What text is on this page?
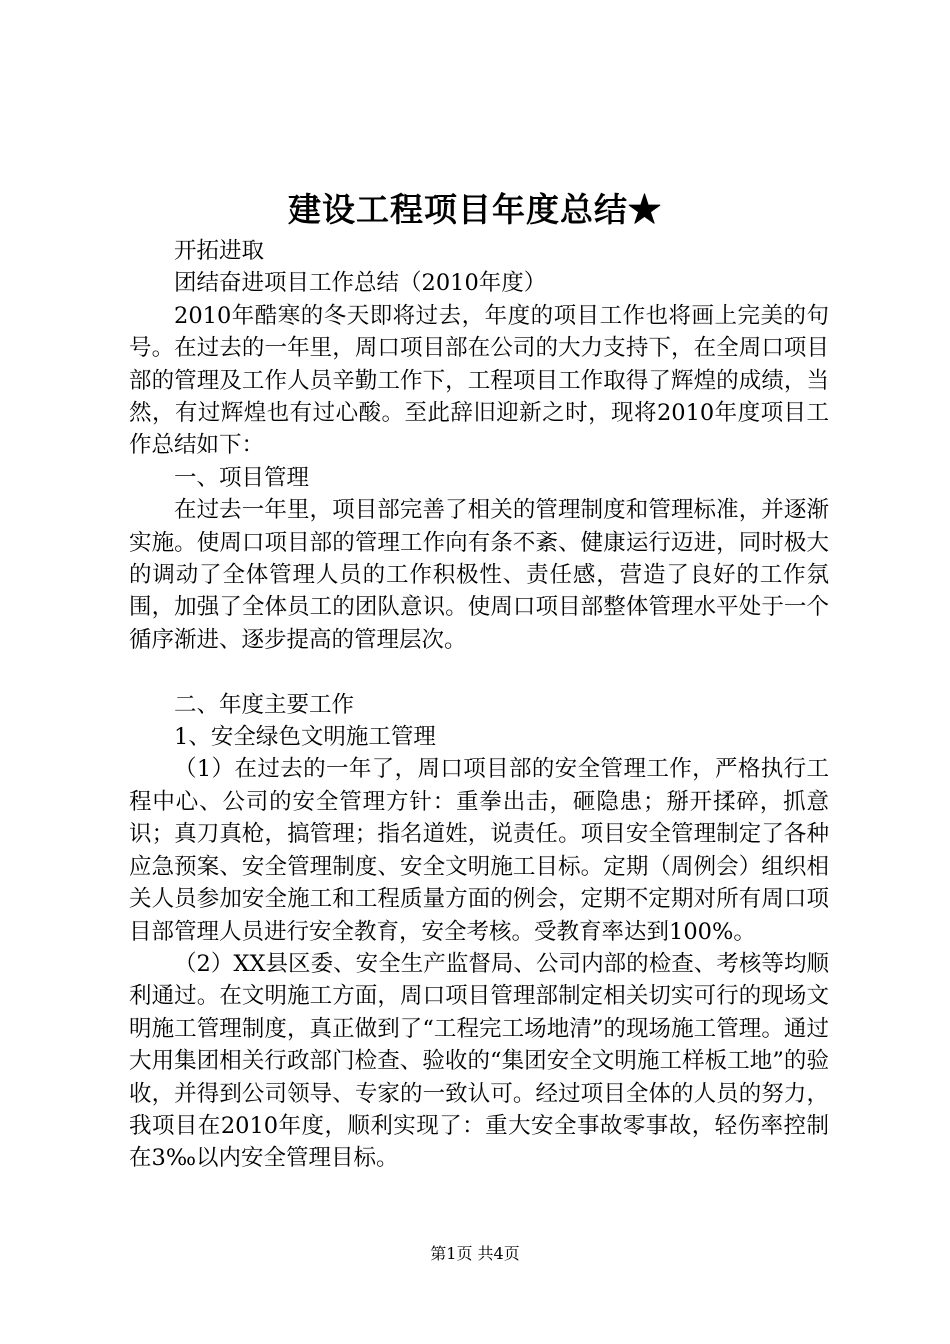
建设工程项目年度总结★

开拓进取

团结奋进项目工作总结（2010年度）

2010年酷寒的冬天即将过去，年度的项目工作也将画上完美的句号。在过去的一年里，周口项目部在公司的大力支持下，在全周口项目部的管理及工作人员辛勤工作下，工程项目工作取得了辉煌的成绩，当然，有过辉煌也有过心酸。至此辞旧迎新之时，现将2010年度项目工作总结如下：

一、项目管理

在过去一年里，项目部完善了相关的管理制度和管理标准，并逐渐实施。使周口项目部的管理工作向有条不紊、健康运行迈进，同时极大的调动了全体管理人员的工作积极性、责任感，营造了良好的工作氛围，加强了全体员工的团队意识。使周口项目部整体管理水平处于一个循序渐进、逐步提高的管理层次。

二、年度主要工作

1、安全绿色文明施工管理

（1）在过去的一年了，周口项目部的安全管理工作，严格执行工程中心、公司的安全管理方针：重拳出击，砸隐患；掰开揉碎，抓意识；真刀真枪，搞管理；指名道姓，说责任。项目安全管理制定了各种应急预案、安全管理制度、安全文明施工目标。定期（周例会）组织相关人员参加安全施工和工程质量方面的例会，定期不定期对所有周口项目部管理人员进行安全教育，安全考核。受教育率达到100%。

（2）XX县区委、安全生产监督局、公司内部的检查、考核等均顺利通过。在文明施工方面，周口项目管理部制定相关切实可行的现场文明施工管理制度，真正做到了“工程完工场地清”的现场施工管理。通过大用集团相关行政部门检查、验收的“集团安全文明施工样板工地”的验收，并得到公司领导、专家的一致认可。经过项目全体的人员的努力，我项目在2010年度，顺利实现了：重大安全事故零事故，轻伤率控制在3‰以内安全管理目标。

第1页 共4页
